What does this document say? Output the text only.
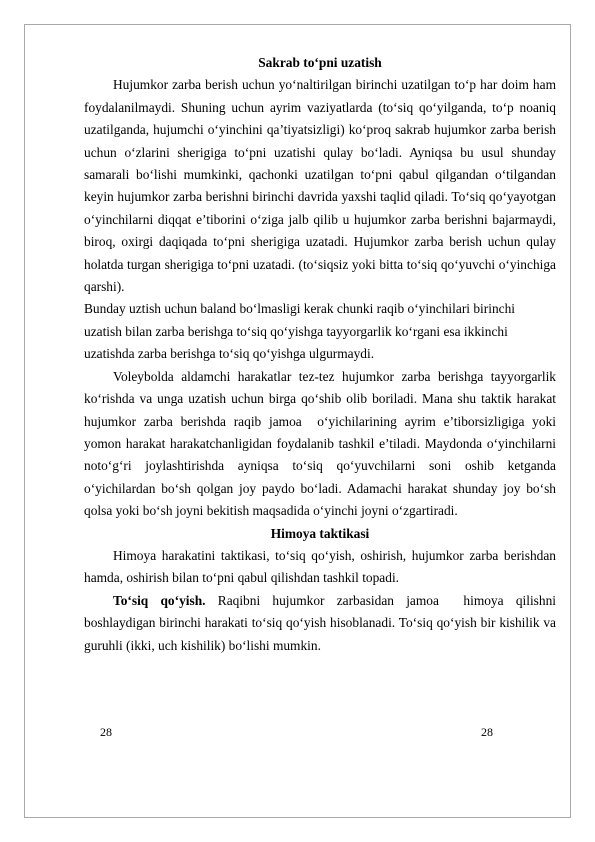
Sakrab to‘pni uzatish

Hujumkor zarba berish uchun yo‘naltirilgan birinchi uzatilgan to‘p har doim ham foydalanilmaydi. Shuning uchun ayrim vaziyatlarda (to‘siq qo‘yilganda, to‘p noaniq uzatilganda, hujumchi o‘yinchini qa’tiyatsizligi) ko‘proq sakrab hujumkor zarba berish uchun o‘zlarini sherigiga to‘pni uzatishi qulay bo‘ladi. Ayniqsa bu usul shunday samarali bo‘lishi mumkinki, qachonki uzatilgan to‘pni qabul qilgandan o‘tilgandan keyin hujumkor zarba berishni birinchi davrida yaxshi taqlid qiladi. To‘siq qo‘yayotgan o‘yinchilarni diqqat e’tiborini o‘ziga jalb qilib u hujumkor zarba berishni bajarmaydi, biroq, oxirgi daqiqada to‘pni sherigiga uzatadi. Hujumkor zarba berish uchun qulay holatda turgan sherigiga to‘pni uzatadi. (to‘siqsiz yoki bitta to‘siq qo‘yuvchi o‘yinchiga qarshi).

Bunday uztish uchun baland bo‘lmasligi kerak chunki raqib o‘yinchilari birinchi

uzatish bilan zarba berishga to‘siq qo‘yishga tayyorgarlik ko‘rgani esa ikkinchi

uzatishda zarba berishga to‘siq qo‘yishga ulgurmaydi.

Voleybolda aldamchi harakatlar tez-tez hujumkor zarba berishga tayyorgarlik ko‘rishda va unga uzatish uchun birga qo‘shib olib boriladi. Mana shu taktik harakat hujumkor zarba berishda raqib jamoa  o‘yichilarining ayrim e’tiborsizligiga yoki yomon harakat harakatchanligidan foydalanib tashkil e’tiladi. Maydonda o‘yinchilarni noto‘g‘ri joylashtirishda ayniqsa to‘siq qo‘yuvchilarni soni oshib ketganda o‘yichilardan bo‘sh qolgan joy paydo bo‘ladi. Adamachi harakat shunday joy bo‘sh qolsa yoki bo‘sh joyni bekitish maqsadida o‘yinchi joyni o‘zgartiradi.

Himoya taktikasi

Himoya harakatini taktikasi, to‘siq qo‘yish, oshirish, hujumkor zarba berishdan hamda, oshirish bilan to‘pni qabul qilishdan tashkil topadi.

To‘siq qo‘yish. Raqibni hujumkor zarbasidan jamoa  himoya qilishni boshlaydigan birinchi harakati to‘siq qo‘yish hisoblanadi. To‘siq qo‘yish bir kishilik va guruhli (ikki, uch kishilik) bo‘lishi mumkin.

28	28
